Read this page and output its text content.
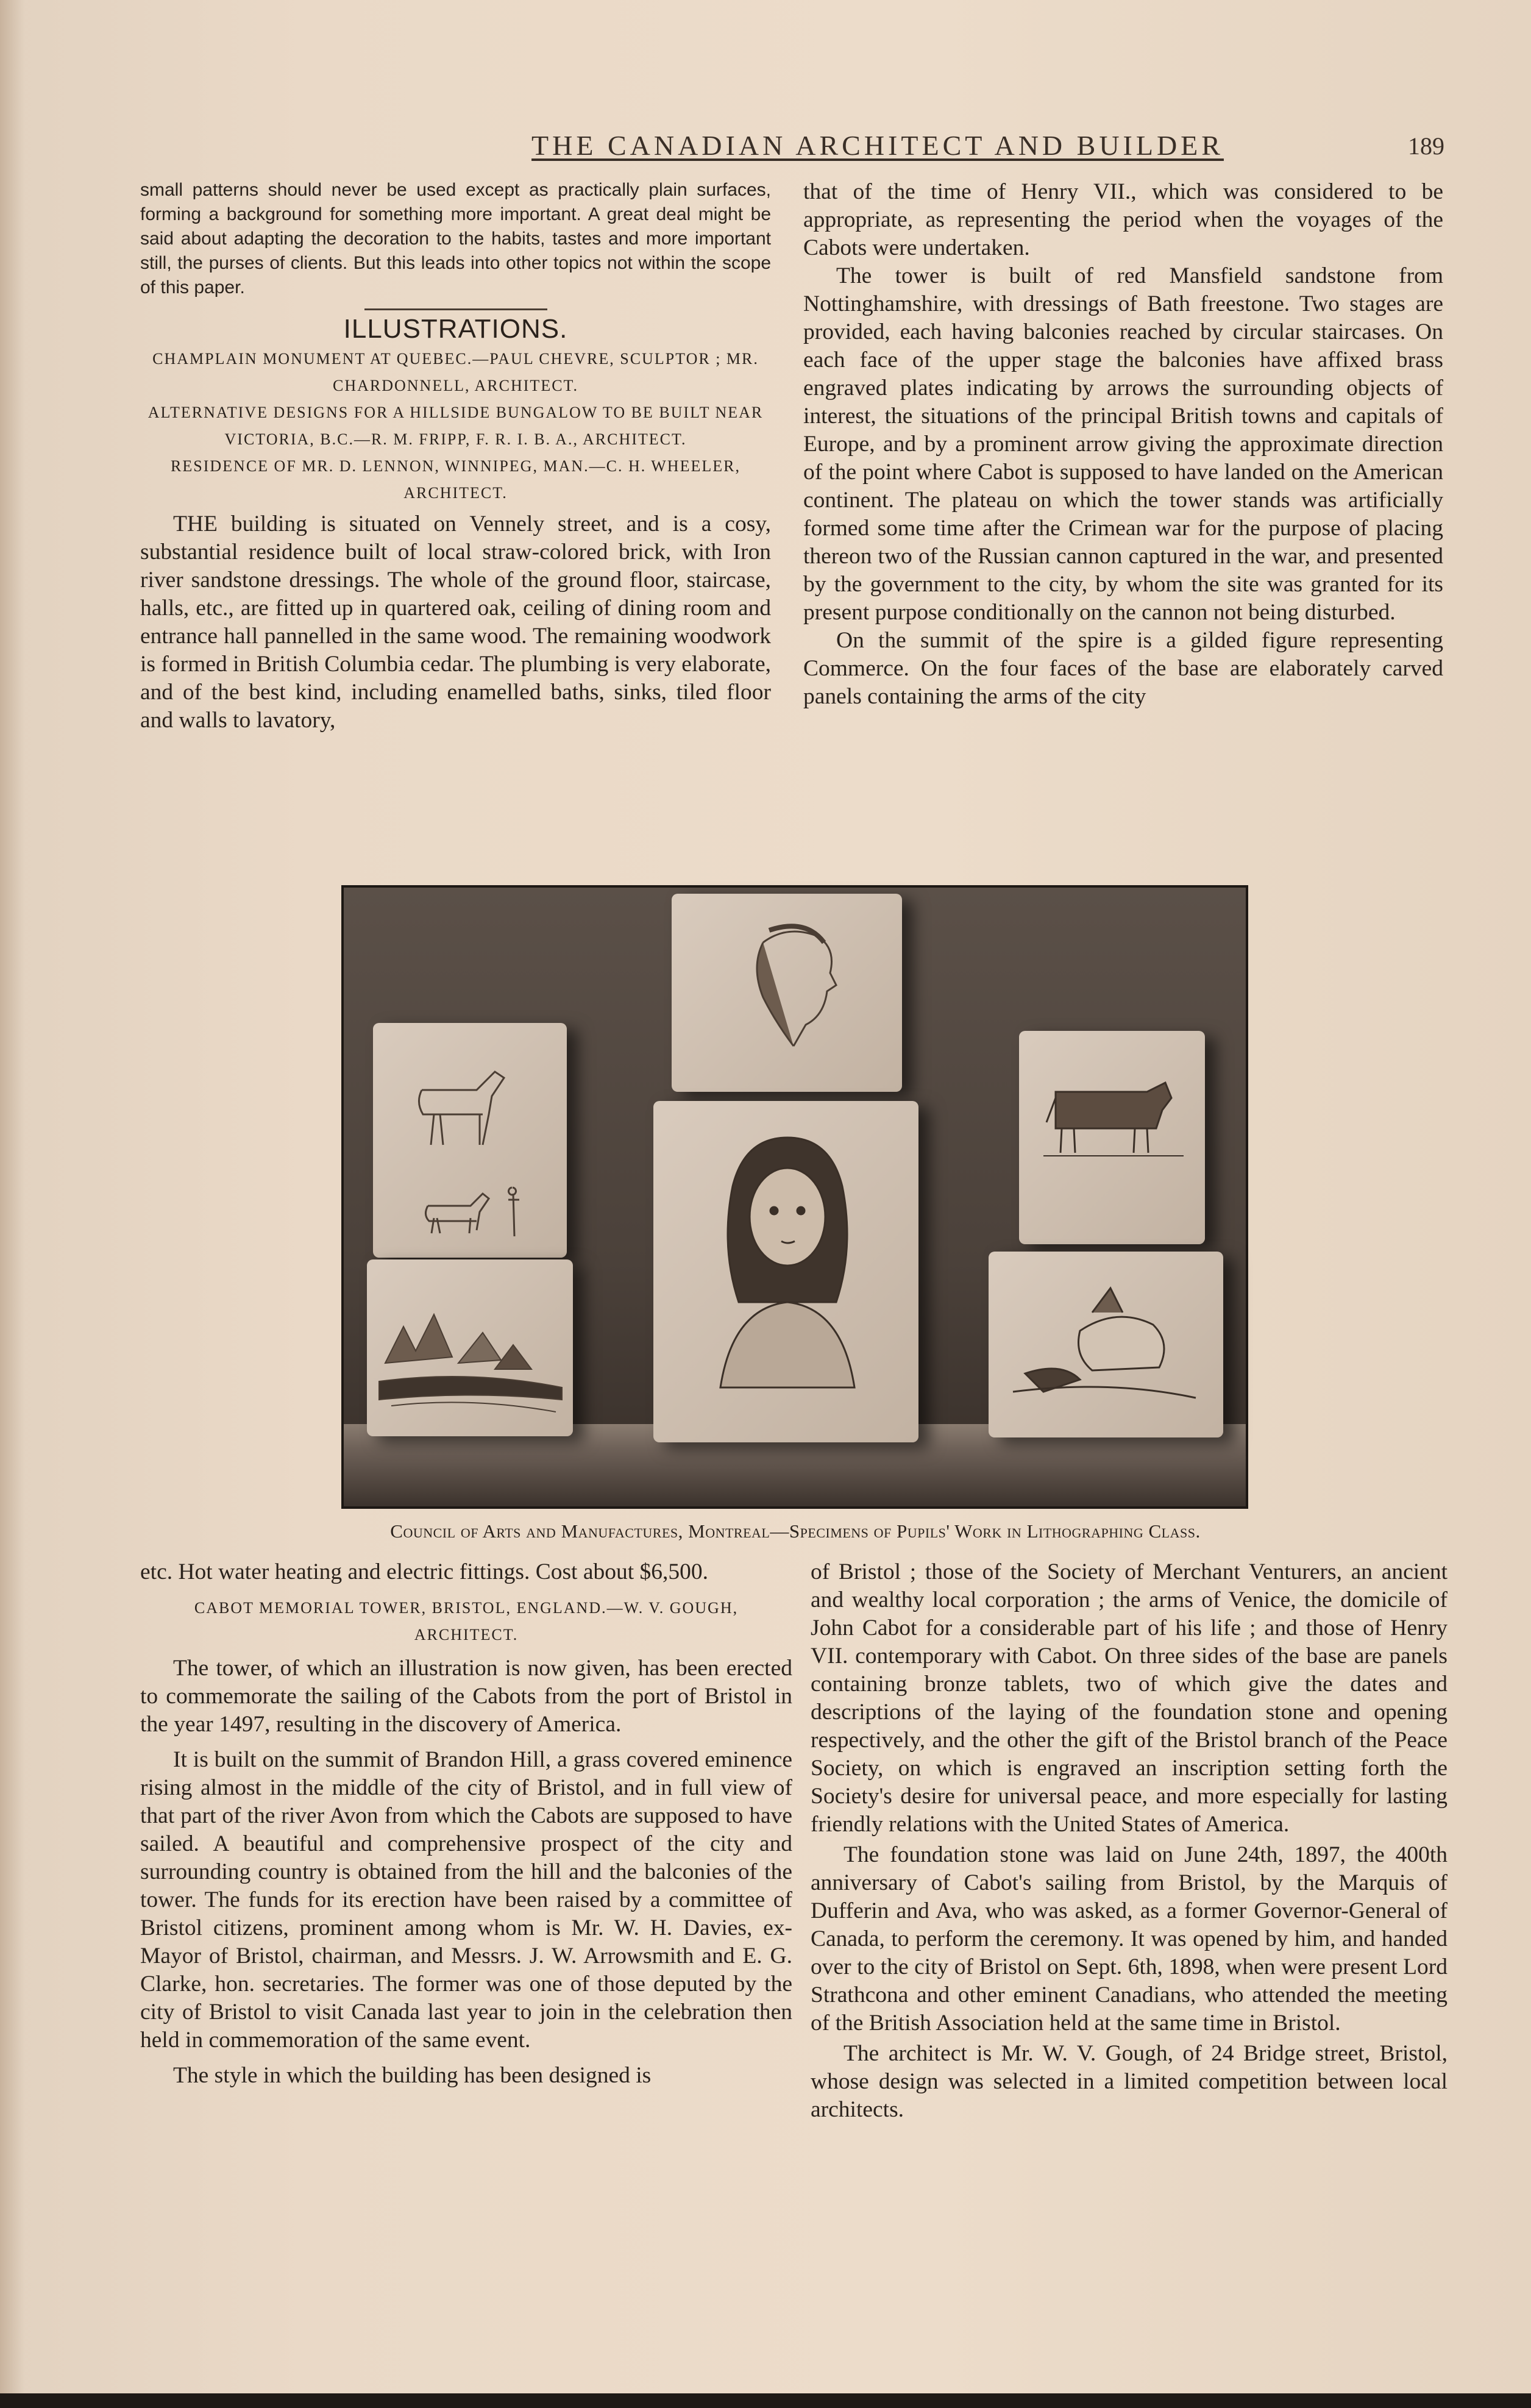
THE CANADIAN ARCHITECT AND BUILDER	189

small patterns should never be used except as practically plain surfaces, forming a background for something more important. A great deal might be said about adapting the decoration to the habits, tastes and more important still, the purses of clients. But this leads into other topics not within the scope of this paper.

ILLUSTRATIONS.

CHAMPLAIN MONUMENT AT QUEBEC.—PAUL CHEVRE, SCULPTOR ; MR. CHARDONNELL, ARCHITECT.

ALTERNATIVE DESIGNS FOR A HILLSIDE BUNGALOW TO BE BUILT NEAR VICTORIA, B.C.—R. M. FRIPP, F. R. I. B. A., ARCHITECT.

RESIDENCE OF MR. D. LENNON, WINNIPEG, MAN.—C. H. WHEELER, ARCHITECT.

THE building is situated on Vennely street, and is a cosy, substantial residence built of local straw-colored brick, with Iron river sandstone dressings. The whole of the ground floor, staircase, halls, etc., are fitted up in quartered oak, ceiling of dining room and entrance hall pannelled in the same wood. The remaining woodwork is formed in British Columbia cedar. The plumbing is very elaborate, and of the best kind, including enamelled baths, sinks, tiled floor and walls to lavatory,

that of the time of Henry VII., which was considered to be appropriate, as representing the period when the voyages of the Cabots were undertaken.

The tower is built of red Mansfield sandstone from Nottinghamshire, with dressings of Bath freestone. Two stages are provided, each having balconies reached by circular staircases. On each face of the upper stage the balconies have affixed brass engraved plates indicating by arrows the surrounding objects of interest, the situations of the principal British towns and capitals of Europe, and by a prominent arrow giving the approximate direction of the point where Cabot is supposed to have landed on the American continent. The plateau on which the tower stands was artificially formed some time after the Crimean war for the purpose of placing thereon two of the Russian cannon captured in the war, and presented by the government to the city, by whom the site was granted for its present purpose conditionally on the cannon not being disturbed.

On the summit of the spire is a gilded figure representing Commerce. On the four faces of the base are elaborately carved panels containing the arms of the city

Council of Arts and Manufactures, Montreal—Specimens of Pupils' Work in Lithographing Class.

etc. Hot water heating and electric fittings. Cost about $6,500.

CABOT MEMORIAL TOWER, BRISTOL, ENGLAND.—W. V. GOUGH, ARCHITECT.

The tower, of which an illustration is now given, has been erected to commemorate the sailing of the Cabots from the port of Bristol in the year 1497, resulting in the discovery of America.

It is built on the summit of Brandon Hill, a grass covered eminence rising almost in the middle of the city of Bristol, and in full view of that part of the river Avon from which the Cabots are supposed to have sailed. A beautiful and comprehensive prospect of the city and surrounding country is obtained from the hill and the balconies of the tower. The funds for its erection have been raised by a committee of Bristol citizens, prominent among whom is Mr. W. H. Davies, ex-Mayor of Bristol, chairman, and Messrs. J. W. Arrowsmith and E. G. Clarke, hon. secretaries. The former was one of those deputed by the city of Bristol to visit Canada last year to join in the celebration then held in commemoration of the same event.

The style in which the building has been designed is

of Bristol ; those of the Society of Merchant Venturers, an ancient and wealthy local corporation ; the arms of Venice, the domicile of John Cabot for a considerable part of his life ; and those of Henry VII. contemporary with Cabot. On three sides of the base are panels containing bronze tablets, two of which give the dates and descriptions of the laying of the foundation stone and opening respectively, and the other the gift of the Bristol branch of the Peace Society, on which is engraved an inscription setting forth the Society's desire for universal peace, and more especially for lasting friendly relations with the United States of America.

The foundation stone was laid on June 24th, 1897, the 400th anniversary of Cabot's sailing from Bristol, by the Marquis of Dufferin and Ava, who was asked, as a former Governor-General of Canada, to perform the ceremony. It was opened by him, and handed over to the city of Bristol on Sept. 6th, 1898, when were present Lord Strathcona and other eminent Canadians, who attended the meeting of the British Association held at the same time in Bristol.

The architect is Mr. W. V. Gough, of 24 Bridge street, Bristol, whose design was selected in a limited competition between local architects.
